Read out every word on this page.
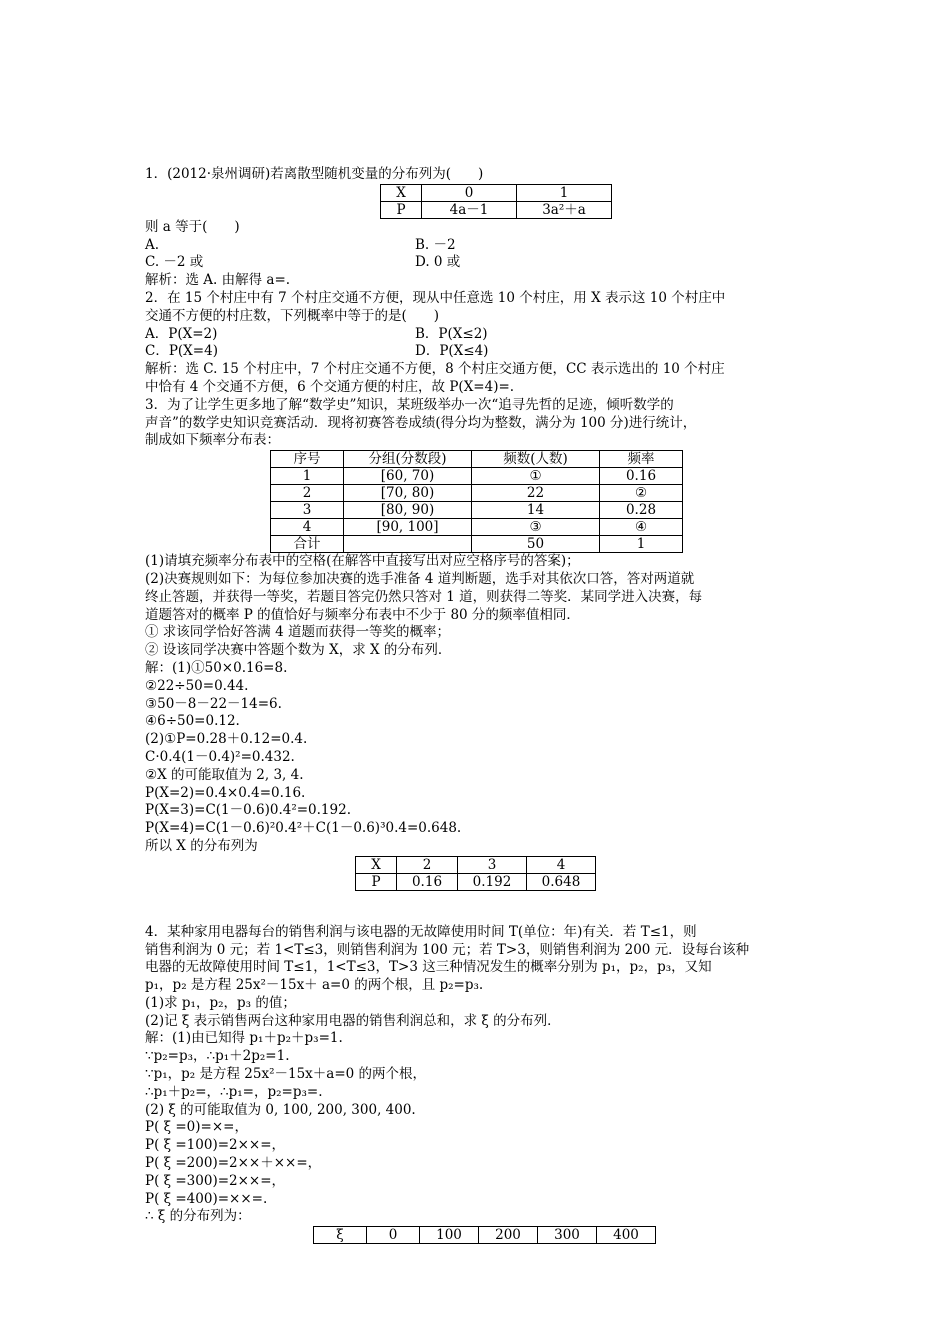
1．(2012·泉州调研)若离散型随机变量的分布列为(　　)
X	0	1
P	4a－1	3a²＋a
则 a 等于(　　)
A.	B. －2
C. －2 或	D. 0 或
解析：选 A. 由解得 a=.
2．在 15 个村庄中有 7 个村庄交通不方便，现从中任意选 10 个村庄，用 X 表示这 10 个村庄中
交通不方便的村庄数，下列概率中等于的是(　　)
A．P(X=2)	B．P(X≤2)
C．P(X=4)	D．P(X≤4)
解析：选 C. 15 个村庄中，7 个村庄交通不方便，8 个村庄交通方便，CC 表示选出的 10 个村庄
中恰有 4 个交通不方便，6 个交通方便的村庄，故 P(X=4)=.
3．为了让学生更多地了解“数学史”知识，某班级举办一次“追寻先哲的足迹，倾听数学的
声音”的数学史知识竞赛活动．现将初赛答卷成绩(得分均为整数，满分为 100 分)进行统计，
制成如下频率分布表：
序号	分组(分数段)	频数(人数)	频率
1	[60, 70)	①	0.16
2	[70, 80)	22	②
3	[80, 90)	14	0.28
4	[90, 100]	③	④
合计		50	1
(1)请填充频率分布表中的空格(在解答中直接写出对应空格序号的答案)；
(2)决赛规则如下：为每位参加决赛的选手准备 4 道判断题，选手对其依次口答，答对两道就
终止答题，并获得一等奖，若题目答完仍然只答对 1 道，则获得二等奖．某同学进入决赛，每
道题答对的概率 P 的值恰好与频率分布表中不少于 80 分的频率值相同．
① 求该同学恰好答满 4 道题而获得一等奖的概率；
② 设该同学决赛中答题个数为 X，求 X 的分布列．
解：(1)①50×0.16=8.
②22÷50=0.44.
③50－8－22－14=6.
④6÷50=0.12.
(2)①P=0.28＋0.12=0.4.
C·0.4(1－0.4)²=0.432.
②X 的可能取值为 2, 3, 4.
P(X=2)=0.4×0.4=0.16.
P(X=3)=C(1－0.6)0.4²=0.192.
P(X=4)=C(1－0.6)²0.4²＋C(1－0.6)³0.4=0.648.
所以 X 的分布列为
X	2	3	4
P	0.16	0.192	0.648
4．某种家用电器每台的销售利润与该电器的无故障使用时间 T(单位：年)有关．若 T≤1，则
销售利润为 0 元；若 1<T≤3，则销售利润为 100 元；若 T>3，则销售利润为 200 元．设每台该种
电器的无故障使用时间 T≤1，1<T≤3，T>3 这三种情况发生的概率分别为 p₁，p₂，p₃，又知
p₁，p₂ 是方程 25x²－15x＋ a=0 的两个根，且 p₂=p₃.
(1)求 p₁，p₂，p₃ 的值；
(2)记 ξ 表示销售两台这种家用电器的销售利润总和，求 ξ 的分布列．
解：(1)由已知得 p₁＋p₂＋p₃=1.
∵p₂=p₃，∴p₁＋2p₂=1.
∵p₁，p₂ 是方程 25x²－15x＋a=0 的两个根，
∴p₁＋p₂=，∴p₁=，p₂=p₃=.
(2) ξ 的可能取值为 0, 100, 200, 300, 400.
P( ξ =0)=×=，
P( ξ =100)=2××=，
P( ξ =200)=2××＋××=，
P( ξ =300)=2××=，
P( ξ =400)=××=.
∴ ξ 的分布列为：
ξ	0	100	200	300	400
